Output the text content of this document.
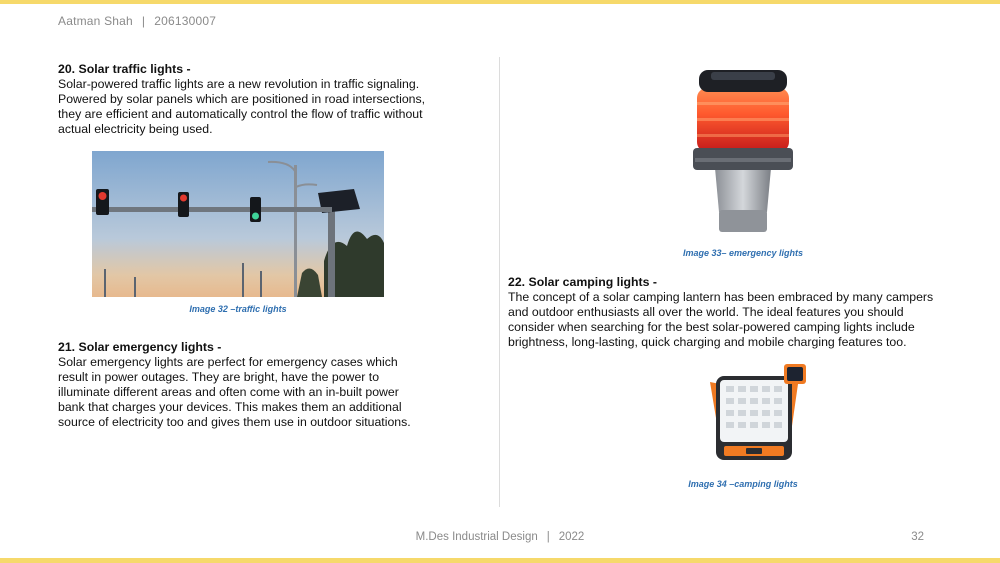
Aatman Shah | 206130007
20. Solar traffic lights -

Solar-powered traffic lights are a new revolution in traffic signaling. Powered by solar panels which are positioned in road intersections, they are efficient and automatically control the flow of traffic without actual electricity being used.

Image 32 –traffic lights
21. Solar emergency lights -

Solar emergency lights are perfect for emergency cases which result in power outages. They are bright, have the power to illuminate different areas and often come with an in-built power bank that charges your devices. This makes them an additional source of electricity too and gives them use in outdoor situations.

Image 33– emergency lights
22. Solar camping lights -

The concept of a solar camping lantern has been embraced by many campers and outdoor enthusiasts all over the world. The ideal features you should consider when searching for the best solar-powered camping lights include brightness, long-lasting, quick charging and mobile charging features too.

Image 34 –camping lights
M.Des Industrial Design | 2022	32
